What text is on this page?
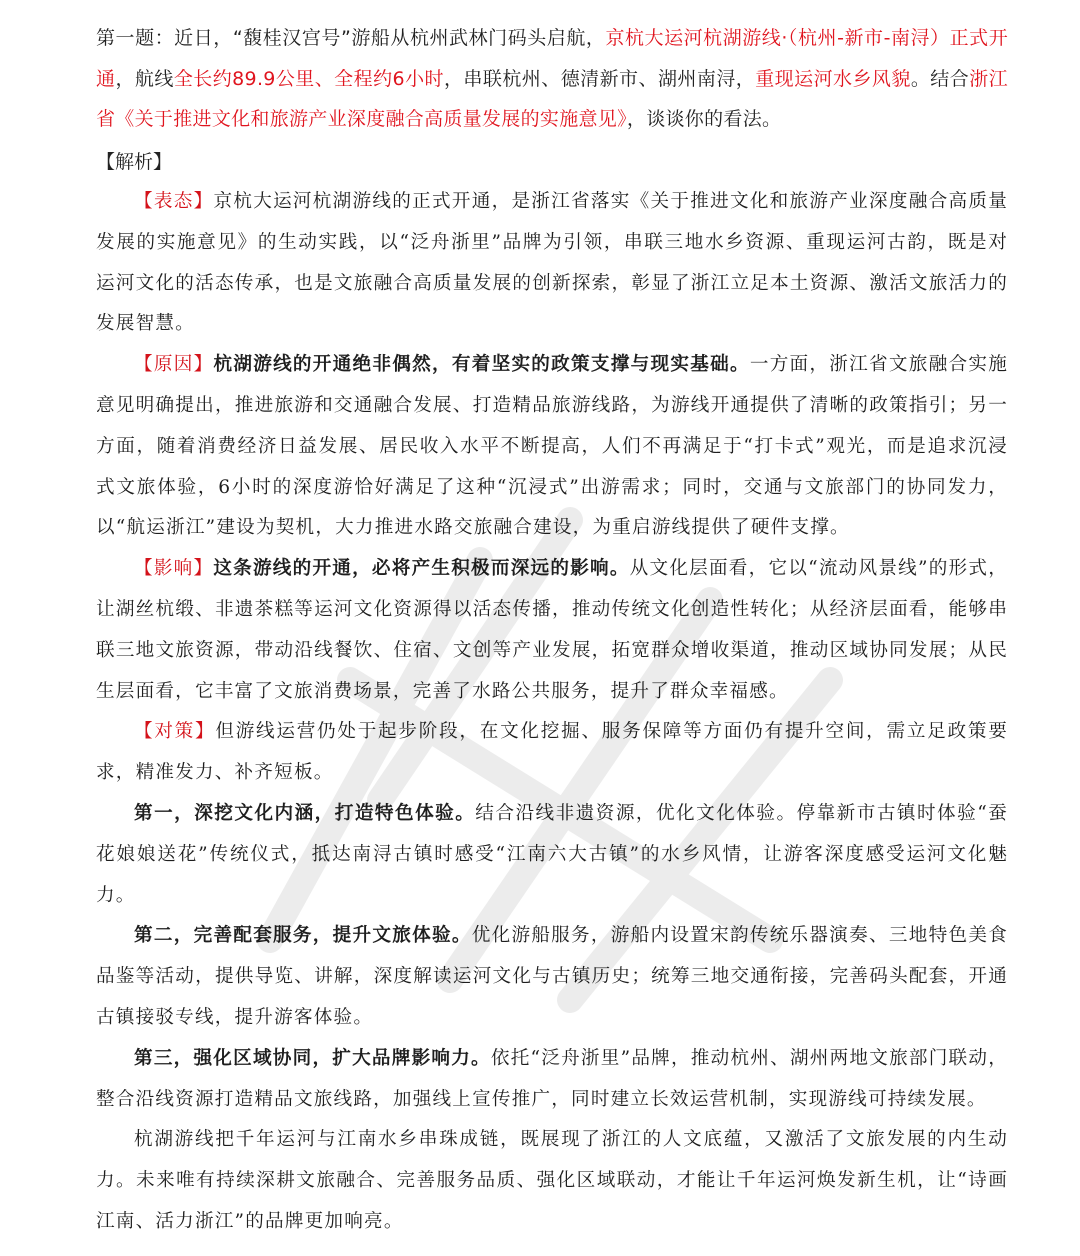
第一题：近日，“馥桂汉宫号”游船从杭州武林门码头启航，京杭大运河杭湖游线·（杭州-新市-南浔）正式开通，航线全长约89.9公里、全程约6小时，串联杭州、德清新市、湖州南浔，重现运河水乡风貌。结合浙江省《关于推进文化和旅游产业深度融合高质量发展的实施意见》，谈谈你的看法。
【解析】

【表态】京杭大运河杭湖游线的正式开通，是浙江省落实《关于推进文化和旅游产业深度融合高质量发展的实施意见》的生动实践，以“泛舟浙里”品牌为引领，串联三地水乡资源、重现运河古韵，既是对运河文化的活态传承，也是文旅融合高质量发展的创新探索，彰显了浙江立足本土资源、激活文旅活力的发展智慧。

【原因】杭湖游线的开通绝非偶然，有着坚实的政策支撑与现实基础。一方面，浙江省文旅融合实施意见明确提出，推进旅游和交通融合发展、打造精品旅游线路，为游线开通提供了清晰的政策指引；另一方面，随着消费经济日益发展、居民收入水平不断提高，人们不再满足于“打卡式”观光，而是追求沉浸式文旅体验，6小时的深度游恰好满足了这种“沉浸式”出游需求；同时，交通与文旅部门的协同发力，以“航运浙江”建设为契机，大力推进水路交旅融合建设，为重启游线提供了硬件支撑。

【影响】这条游线的开通，必将产生积极而深远的影响。从文化层面看，它以“流动风景线”的形式，让湖丝杭缎、非遗茶糕等运河文化资源得以活态传播，推动传统文化创造性转化；从经济层面看，能够串联三地文旅资源，带动沿线餐饮、住宿、文创等产业发展，拓宽群众增收渠道，推动区域协同发展；从民生层面看，它丰富了文旅消费场景，完善了水路公共服务，提升了群众幸福感。

【对策】但游线运营仍处于起步阶段，在文化挖掘、服务保障等方面仍有提升空间，需立足政策要求，精准发力、补齐短板。

第一，深挖文化内涵，打造特色体验。结合沿线非遗资源，优化文化体验。停靠新市古镇时体验“蚕花娘娘送花”传统仪式，抵达南浔古镇时感受“江南六大古镇”的水乡风情，让游客深度感受运河文化魅力。

第二，完善配套服务，提升文旅体验。优化游船服务，游船内设置宋韵传统乐器演奏、三地特色美食品鉴等活动，提供导览、讲解，深度解读运河文化与古镇历史；统筹三地交通衔接，完善码头配套，开通古镇接驳专线，提升游客体验。

第三，强化区域协同，扩大品牌影响力。依托“泛舟浙里”品牌，推动杭州、湖州两地文旅部门联动，整合沿线资源打造精品文旅线路，加强线上宣传推广，同时建立长效运营机制，实现游线可持续发展。

杭湖游线把千年运河与江南水乡串珠成链，既展现了浙江的人文底蕴，又激活了文旅发展的内生动力。未来唯有持续深耕文旅融合、完善服务品质、强化区域联动，才能让千年运河焕发新生机，让“诗画江南、活力浙江”的品牌更加响亮。
